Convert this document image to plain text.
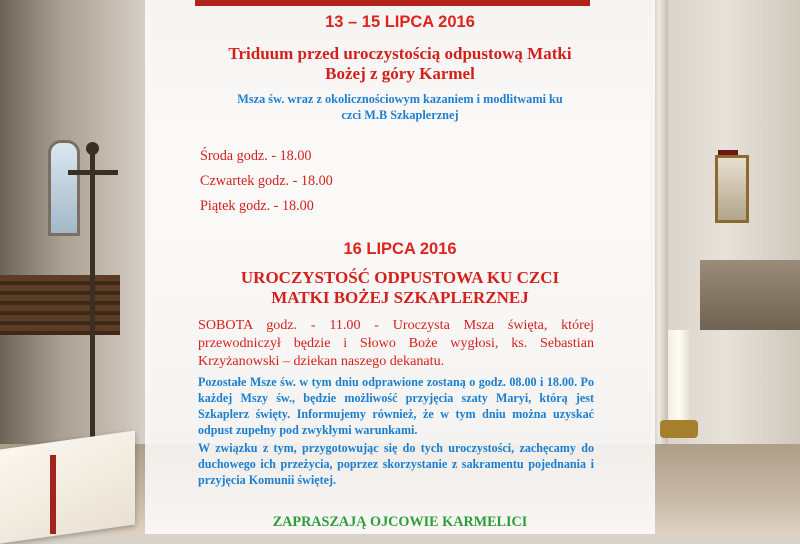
13 – 15 LIPCA 2016

Triduum przed uroczystością odpustową Matki

Bożej z góry Karmel

Msza św. wraz z okolicznościowym kazaniem i modlitwami ku

czci M.B Szkaplerznej

Środa godz. - 18.00

Czwartek godz. - 18.00

Piątek godz. - 18.00

16 LIPCA 2016

UROCZYSTOŚĆ ODPUSTOWA KU CZCI

MATKI BOŻEJ SZKAPLERZNEJ

SOBOTA godz. - 11.00 - Uroczysta Msza święta, której przewodniczył będzie i Słowo Boże wygłosi, ks. Sebastian Krzyżanowski – dziekan naszego dekanatu.

Pozostałe Msze św. w tym dniu odprawione zostaną o godz. 08.00 i 18.00. Po każdej Mszy św., będzie możliwość przyjęcia szaty Maryi, którą jest Szkaplerz święty. Informujemy również, że w tym dniu można uzyskać odpust zupełny pod zwykłymi warunkami.

W związku z tym, przygotowując się do tych uroczystości, zachęcamy do duchowego ich przeżycia, poprzez skorzystanie z sakramentu pojednania i przyjęcia Komunii świętej.

ZAPRASZAJĄ OJCOWIE KARMELICI
